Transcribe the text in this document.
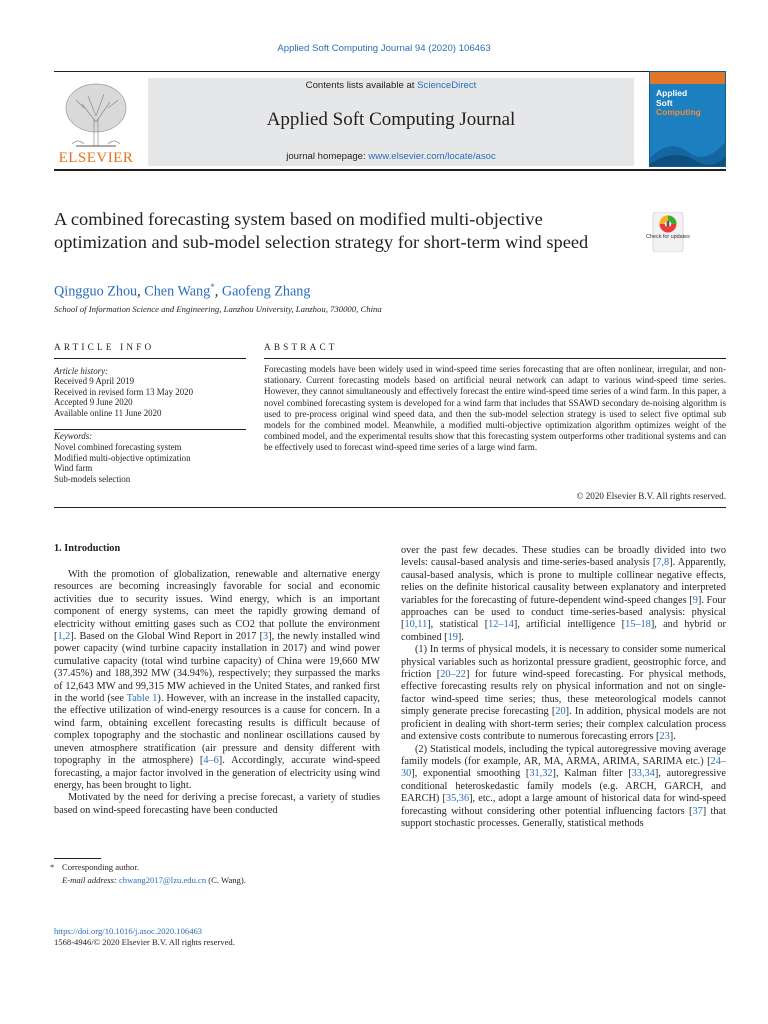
Applied Soft Computing Journal 94 (2020) 106463
ELSEVIER
Contents lists available at ScienceDirect
Applied Soft Computing Journal
journal homepage: www.elsevier.com/locate/asoc
Applied
Soft
Computing
A combined forecasting system based on modified multi-objective optimization and sub-model selection strategy for short-term wind speed	Check for updates
Qingguo Zhou, Chen Wang*, Gaofeng Zhang
School of Information Science and Engineering, Lanzhou University, Lanzhou, 730000, China
ARTICLE INFO	ABSTRACT
Article history:
Received 9 April 2019
Received in revised form 13 May 2020
Accepted 9 June 2020
Available online 11 June 2020
Keywords:
Novel combined forecasting system
Modified multi-objective optimization
Wind farm
Sub-models selection
Forecasting models have been widely used in wind-speed time series forecasting that are often nonlinear, irregular, and non-stationary. Current forecasting models based on artificial neural network can adapt to various wind-speed time series. However, they cannot simultaneously and effectively forecast the entire wind-speed time series of a wind farm. In this paper, a novel combined forecasting system is developed for a wind farm that includes that SSAWD secondary de-noising algorithm is used to pre-process original wind speed data, and then the sub-model selection strategy is used to select five optimal sub models for the combined model. Meanwhile, a modified multi-objective optimization algorithm optimizes weight of the combined model, and the experimental results show that this forecasting system outperforms other traditional systems and can be effectively used to forecast wind-speed time series of a large wind farm.
© 2020 Elsevier B.V. All rights reserved.
1. Introduction

With the promotion of globalization, renewable and alternative energy resources are becoming increasingly favorable for social and economic activities due to security issues. Wind energy, which is an important component of energy systems, can meet the rapidly growing demand of electricity without emitting gases such as CO2 that pollute the environment [1,2]. Based on the Global Wind Report in 2017 [3], the newly installed wind power capacity (wind turbine capacity installation in 2017) and wind power cumulative capacity (total wind turbine capacity) of China were 19,660 MW (37.45%) and 188,392 MW (34.94%), respectively; they surpassed the marks of 12,643 MW and 99,315 MW achieved in the United States, and ranked first in the world (see Table 1). However, with an increase in the installed capacity, the effective utilization of wind-energy resources is a cause for concern. In a wind farm, obtaining excellent forecasting results is difficult because of complex topography and the stochastic and nonlinear oscillations caused by uneven atmosphere stratification (air pressure and density different with topography in the atmosphere) [4–6]. Accordingly, accurate wind-speed forecasting, a major factor involved in the generation of electricity using wind energy, has been brought to light.

Motivated by the need for deriving a precise forecast, a variety of studies based on wind-speed forecasting have been conducted

over the past few decades. These studies can be broadly divided into two levels: causal-based analysis and time-series-based analysis [7,8]. Apparently, causal-based analysis, which is prone to multiple collinear negative effects, relies on the definite historical causality between explanatory and interpreted variables for the forecasting of future-dependent wind-speed changes [9]. Four approaches can be used to conduct time-series-based analysis: physical [10,11], statistical [12–14], artificial intelligence [15–18], and hybrid or combined [19].

(1) In terms of physical models, it is necessary to consider some numerical physical variables such as horizontal pressure gradient, geostrophic force, and friction [20–22] for future wind-speed forecasting. For physical methods, effective forecasting results rely on physical information and not on single-factor wind-speed time series; thus, these meteorological models cannot simply generate precise forecasting [20]. In addition, physical models are not proficient in dealing with short-term series; their complex calculation process and extensive costs contribute to numerous forecasting errors [23].

(2) Statistical models, including the typical autoregressive moving average family models (for example, AR, MA, ARMA, ARIMA, SARIMA etc.) [24–30], exponential smoothing [31,32], Kalman filter [33,34], autoregressive conditional heteroskedastic family models (e.g. ARCH, GARCH, and EARCH) [35,36], etc., adopt a large amount of historical data for wind-speed forecasting without considering other potential influencing factors [37] that support stochastic processes. Generally, statistical methods

* Corresponding author.
E-mail address: chwang2017@lzu.edu.cn (C. Wang).
https://doi.org/10.1016/j.asoc.2020.106463
1568-4946/© 2020 Elsevier B.V. All rights reserved.
